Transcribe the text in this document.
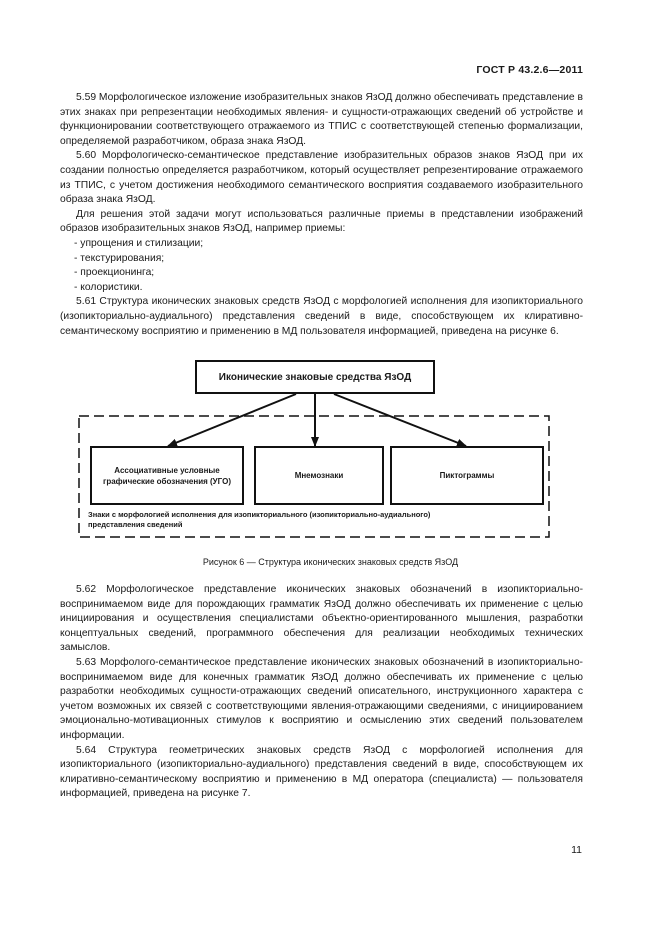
ГОСТ Р 43.2.6—2011

5.59 Морфологическое изложение изобразительных знаков ЯзОД должно обеспечивать представление в этих знаках при репрезентации необходимых явления- и сущности-отражающих сведений об устройстве и функционировании соответствующего отражаемого из ТПИС с соответствующей степенью формализации, определяемой разработчиком, образа знака ЯзОД.

5.60 Морфологическо-семантическое представление изобразительных образов знаков ЯзОД при их создании полностью определяется разработчиком, который осуществляет репрезентирование отражаемого из ТПИС, с учетом достижения необходимого семантического восприятия создаваемого изобразительного образа знака ЯзОД.

Для решения этой задачи могут использоваться различные приемы в представлении изображений образов изобразительных знаков ЯзОД, например приемы:

- упрощения и стилизации;
- текстурирования;
- проекционинга;
- колористики.

5.61 Структура иконических знаковых средств ЯзОД с морфологией исполнения для изопикториального (изопикториально-аудиального) представления сведений в виде, способствующем их клиративно-семантическому восприятию и применению в МД пользователя информацией, приведена на рисунке 6.

Иконические знаковые средства ЯзОД
Ассоциативные условные графические обозначения (УГО)
Мнемознаки	Пиктограммы
Знаки с морфологией исполнения для изопикториального (изопикториально-аудиального) представления сведений
Рисунок 6 — Структура иконических знаковых средств ЯзОД

5.62 Морфологическое представление иконических знаковых обозначений в изопикториально-воспринимаемом виде для порождающих грамматик ЯзОД должно обеспечивать их применение с целью инициирования и осуществления специалистами объектно-ориентированного мышления, разработки концептуальных сведений, программного обеспечения для реализации необходимых технических замыслов.

5.63 Морфолого-семантическое представление иконических знаковых обозначений в изопикториально-воспринимаемом виде для конечных грамматик ЯзОД должно обеспечивать их применение с целью разработки необходимых сущности-отражающих сведений описательного, инструкционного характера с учетом возможных их связей с соответствующими явления-отражающими сведениями, с инициированием эмоционально-мотивационных стимулов к восприятию и осмыслению этих сведений пользователем информации.

5.64 Структура геометрических знаковых средств ЯзОД с морфологией исполнения для изопикториального (изопикториально-аудиального) представления сведений в виде, способствующем их клиративно-семантическому восприятию и применению в МД оператора (специалиста) — пользователя информацией, приведена на рисунке 7.

11
